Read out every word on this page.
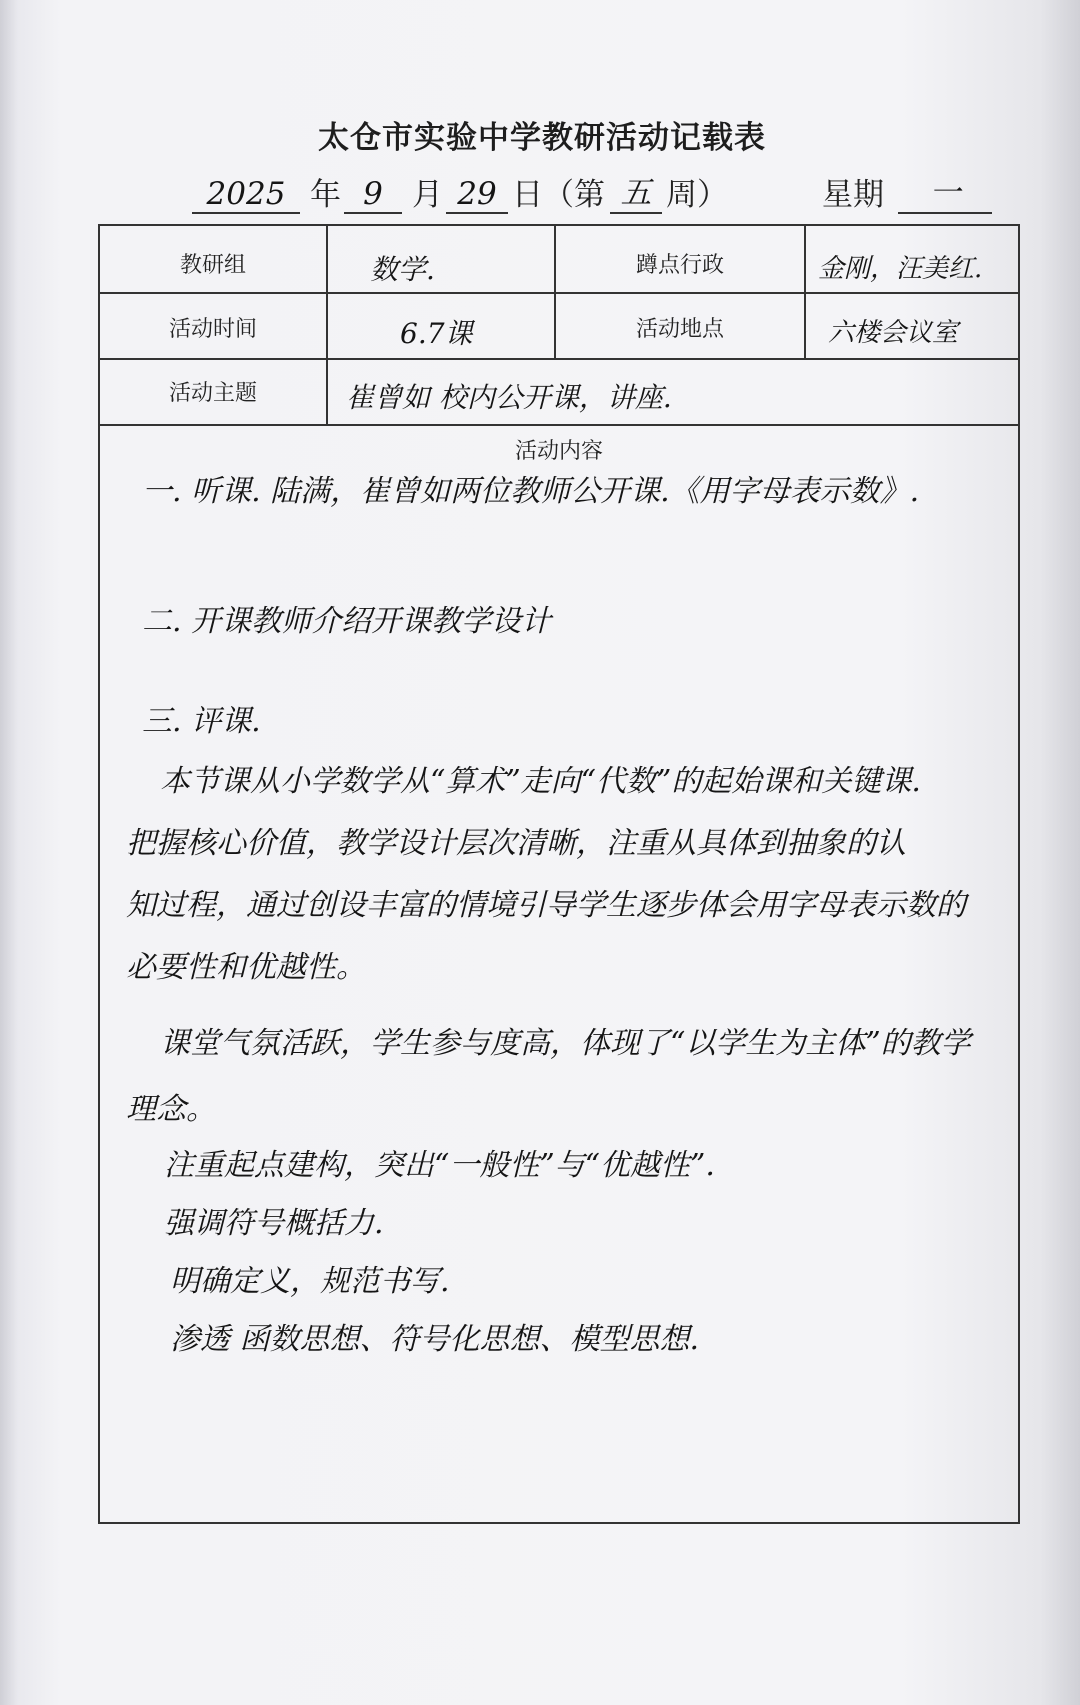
太仓市实验中学教研活动记载表
2025 年 9 月 29 日（第 五 周）	星期	一
教研组	数学.	蹲点行政	金刚，汪美红.
活动时间	6.7课	活动地点	六楼会议室
活动主题	崔曾如 校内公开课，讲座.
活动内容
一. 听课. 陆满，崔曾如两位教师公开课.《用字母表示数》.
二. 开课教师介绍开课教学设计
三. 评课.
本节课从小学数学从“算术”走向“代数”的起始课和关键课.
把握核心价值，教学设计层次清晰，注重从具体到抽象的认
知过程，通过创设丰富的情境引导学生逐步体会用字母表示数的
必要性和优越性。
课堂气氛活跃，学生参与度高，体现了“以学生为主体”的教学
理念。
注重起点建构，突出“一般性”与“优越性”.
强调符号概括力.
明确定义，规范书写.
渗透 函数思想、符号化思想、模型思想.
